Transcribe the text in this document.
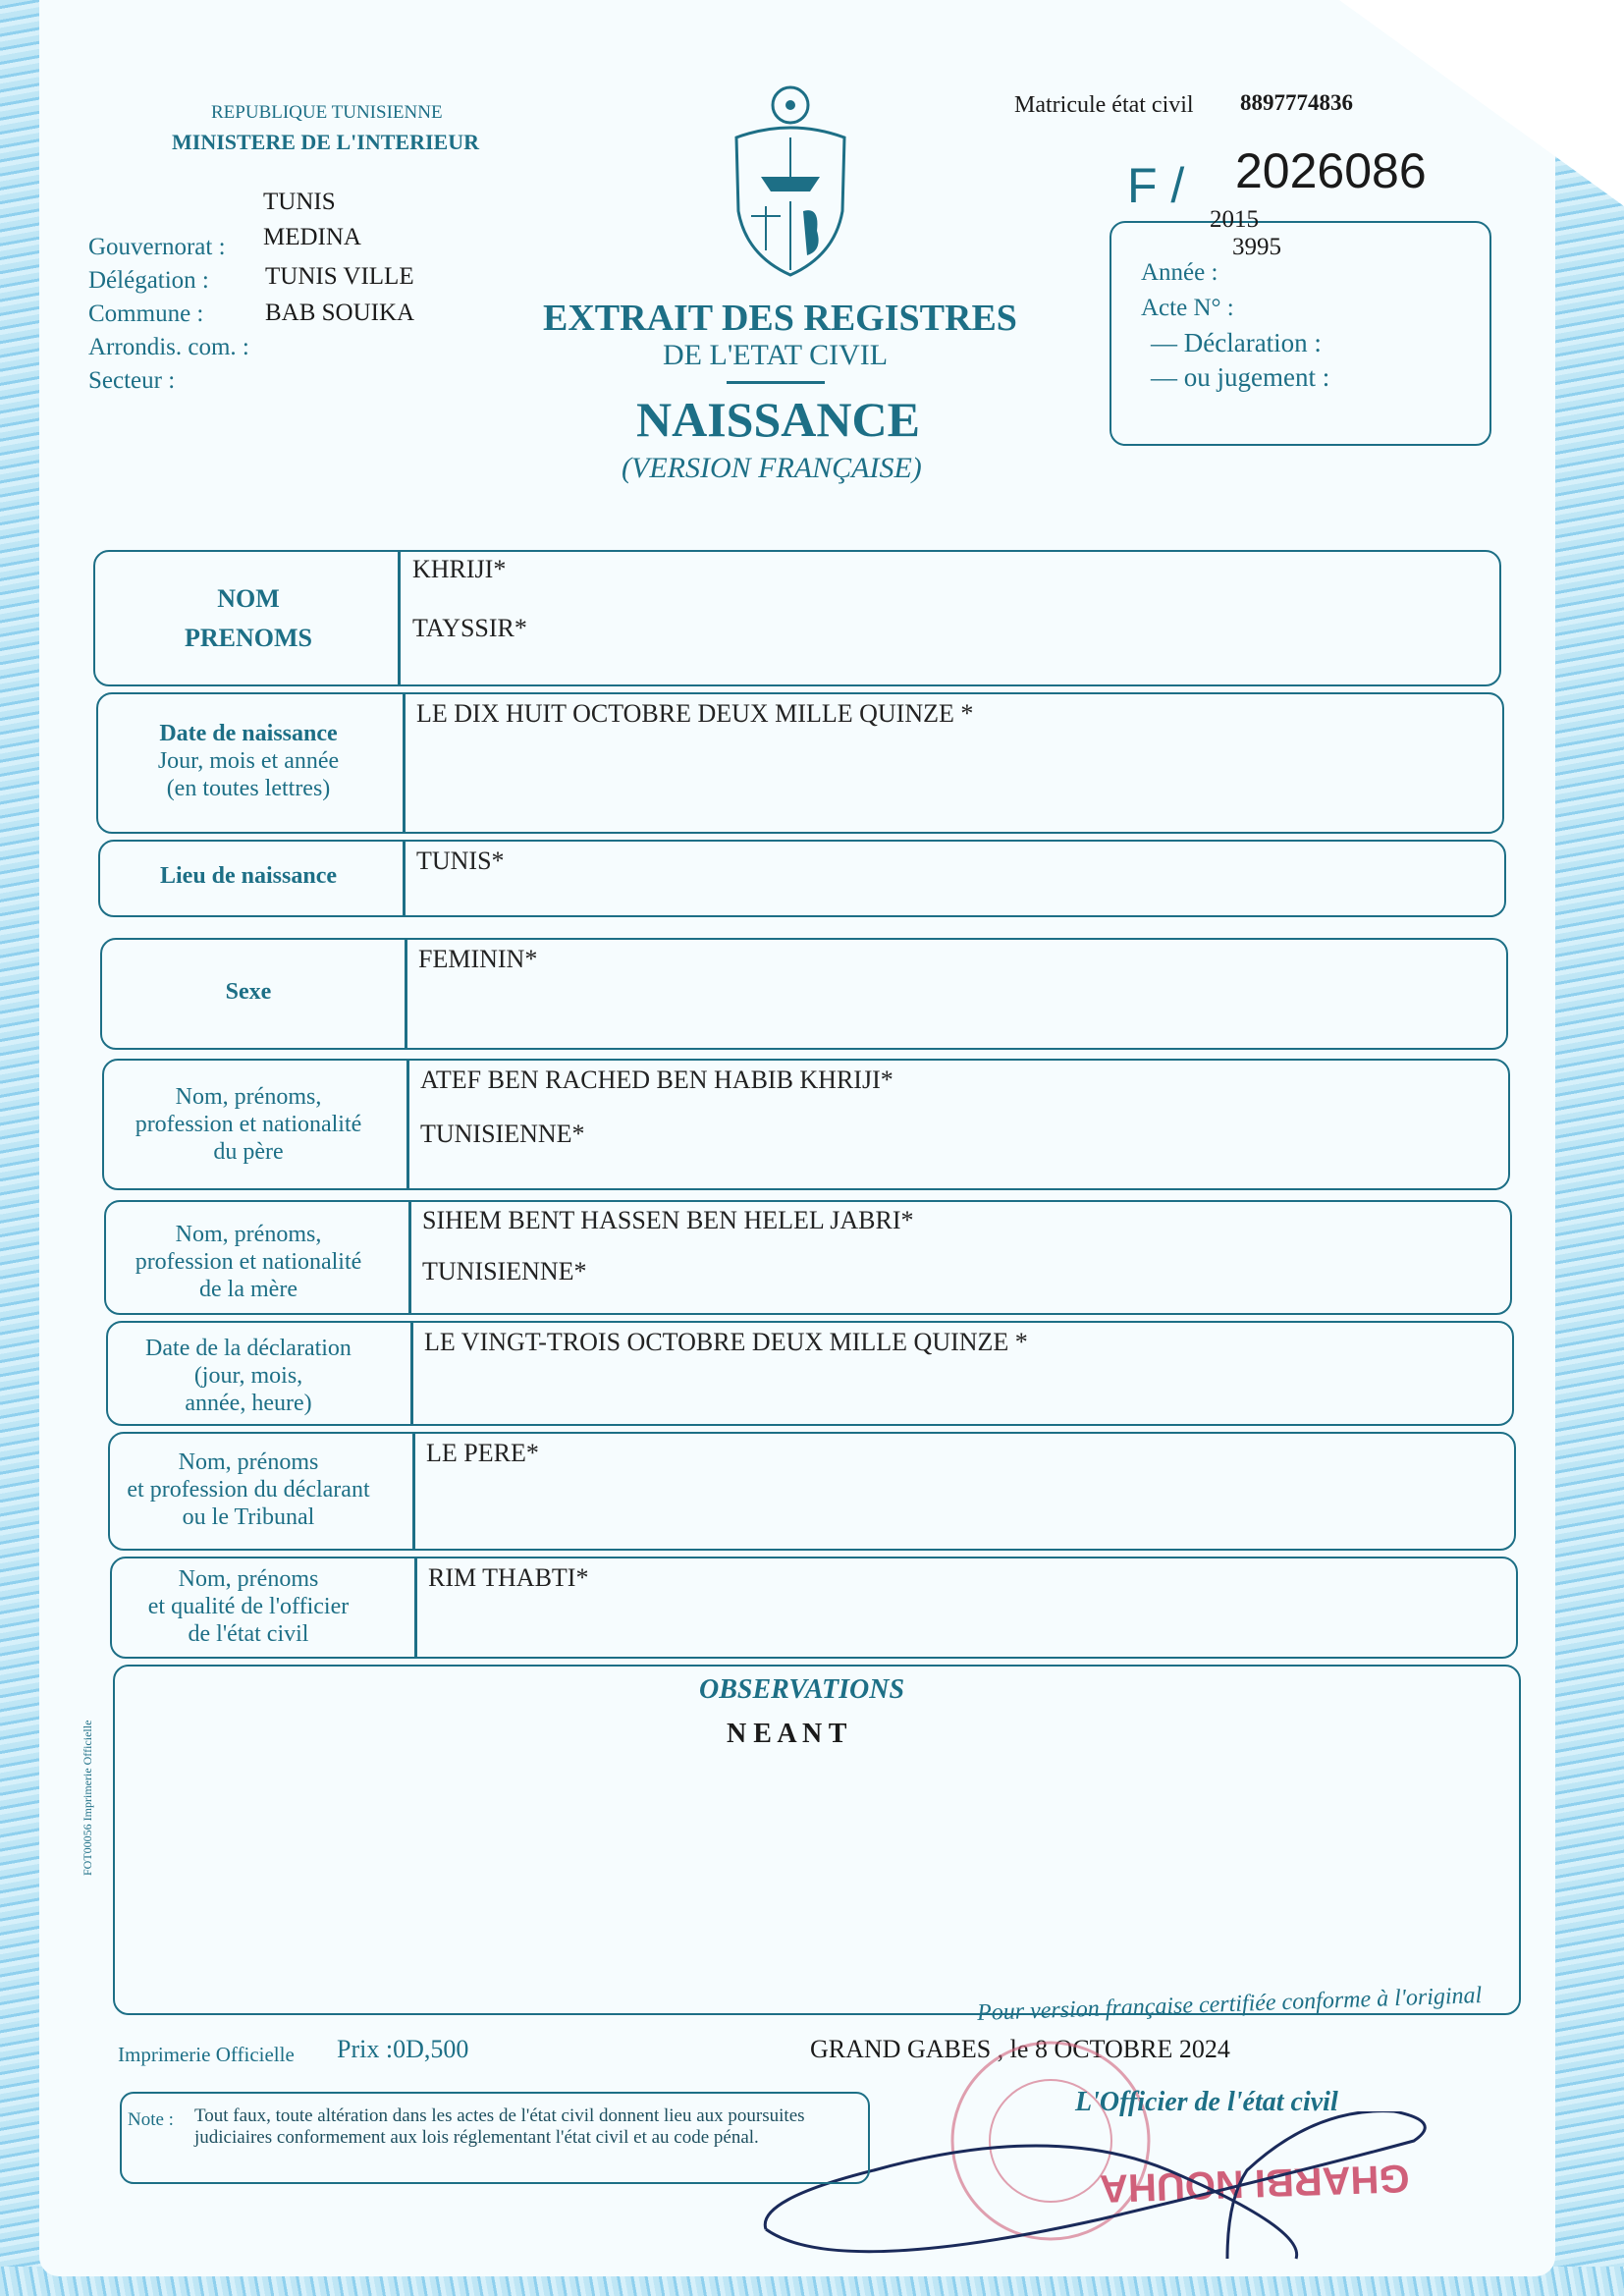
REPUBLIQUE TUNISIENNE
MINISTERE DE L'INTERIEUR
TUNIS
Gouvernorat : MEDINA
Délégation : TUNIS VILLE
Commune :	BAB SOUIKA
Arrondis. com. :
Secteur :
EXTRAIT DES REGISTRES
DE L'ETAT CIVIL
NAISSANCE
(VERSION FRANÇAISE)
Matricule état civil 8897774836
F / 2026086
2015
3995
Année :
Acte N° :
— Déclaration :
— ou jugement :
NOM
PRENOMS
KHRIJI*
TAYSSIR*
Date de naissance
Jour, mois et année
(en toutes lettres)
LE DIX HUIT OCTOBRE DEUX MILLE QUINZE *
Lieu de naissance
TUNIS*
Sexe
FEMININ*
Nom, prénoms,
profession et nationalité
du père
ATEF BEN RACHED BEN HABIB KHRIJI*
TUNISIENNE*
Nom, prénoms,
profession et nationalité
de la mère
SIHEM BENT HASSEN BEN HELEL JABRI*
TUNISIENNE*
Date de la déclaration
(jour, mois,
année, heure)
LE VINGT-TROIS OCTOBRE DEUX MILLE QUINZE *
Nom, prénoms
et profession du déclarant
ou le Tribunal
LE PERE*
Nom, prénoms
et qualité de l'officier
de l'état civil
RIM THABTI*
OBSERVATIONS
N E A N T
FOT00056 Imprimerie Officielle
Imprimerie Officielle Prix :0D,500
Pour version française certifiée conforme à l'original
GRAND GABES , le 8 OCTOBRE 2024
GHARBI NOUHA
L'Officier de l'état civil
Note : Tout faux, toute altération dans les actes de l'état civil donnent lieu aux poursuites judiciaires conformement aux lois réglementant l'état civil et au code pénal.
